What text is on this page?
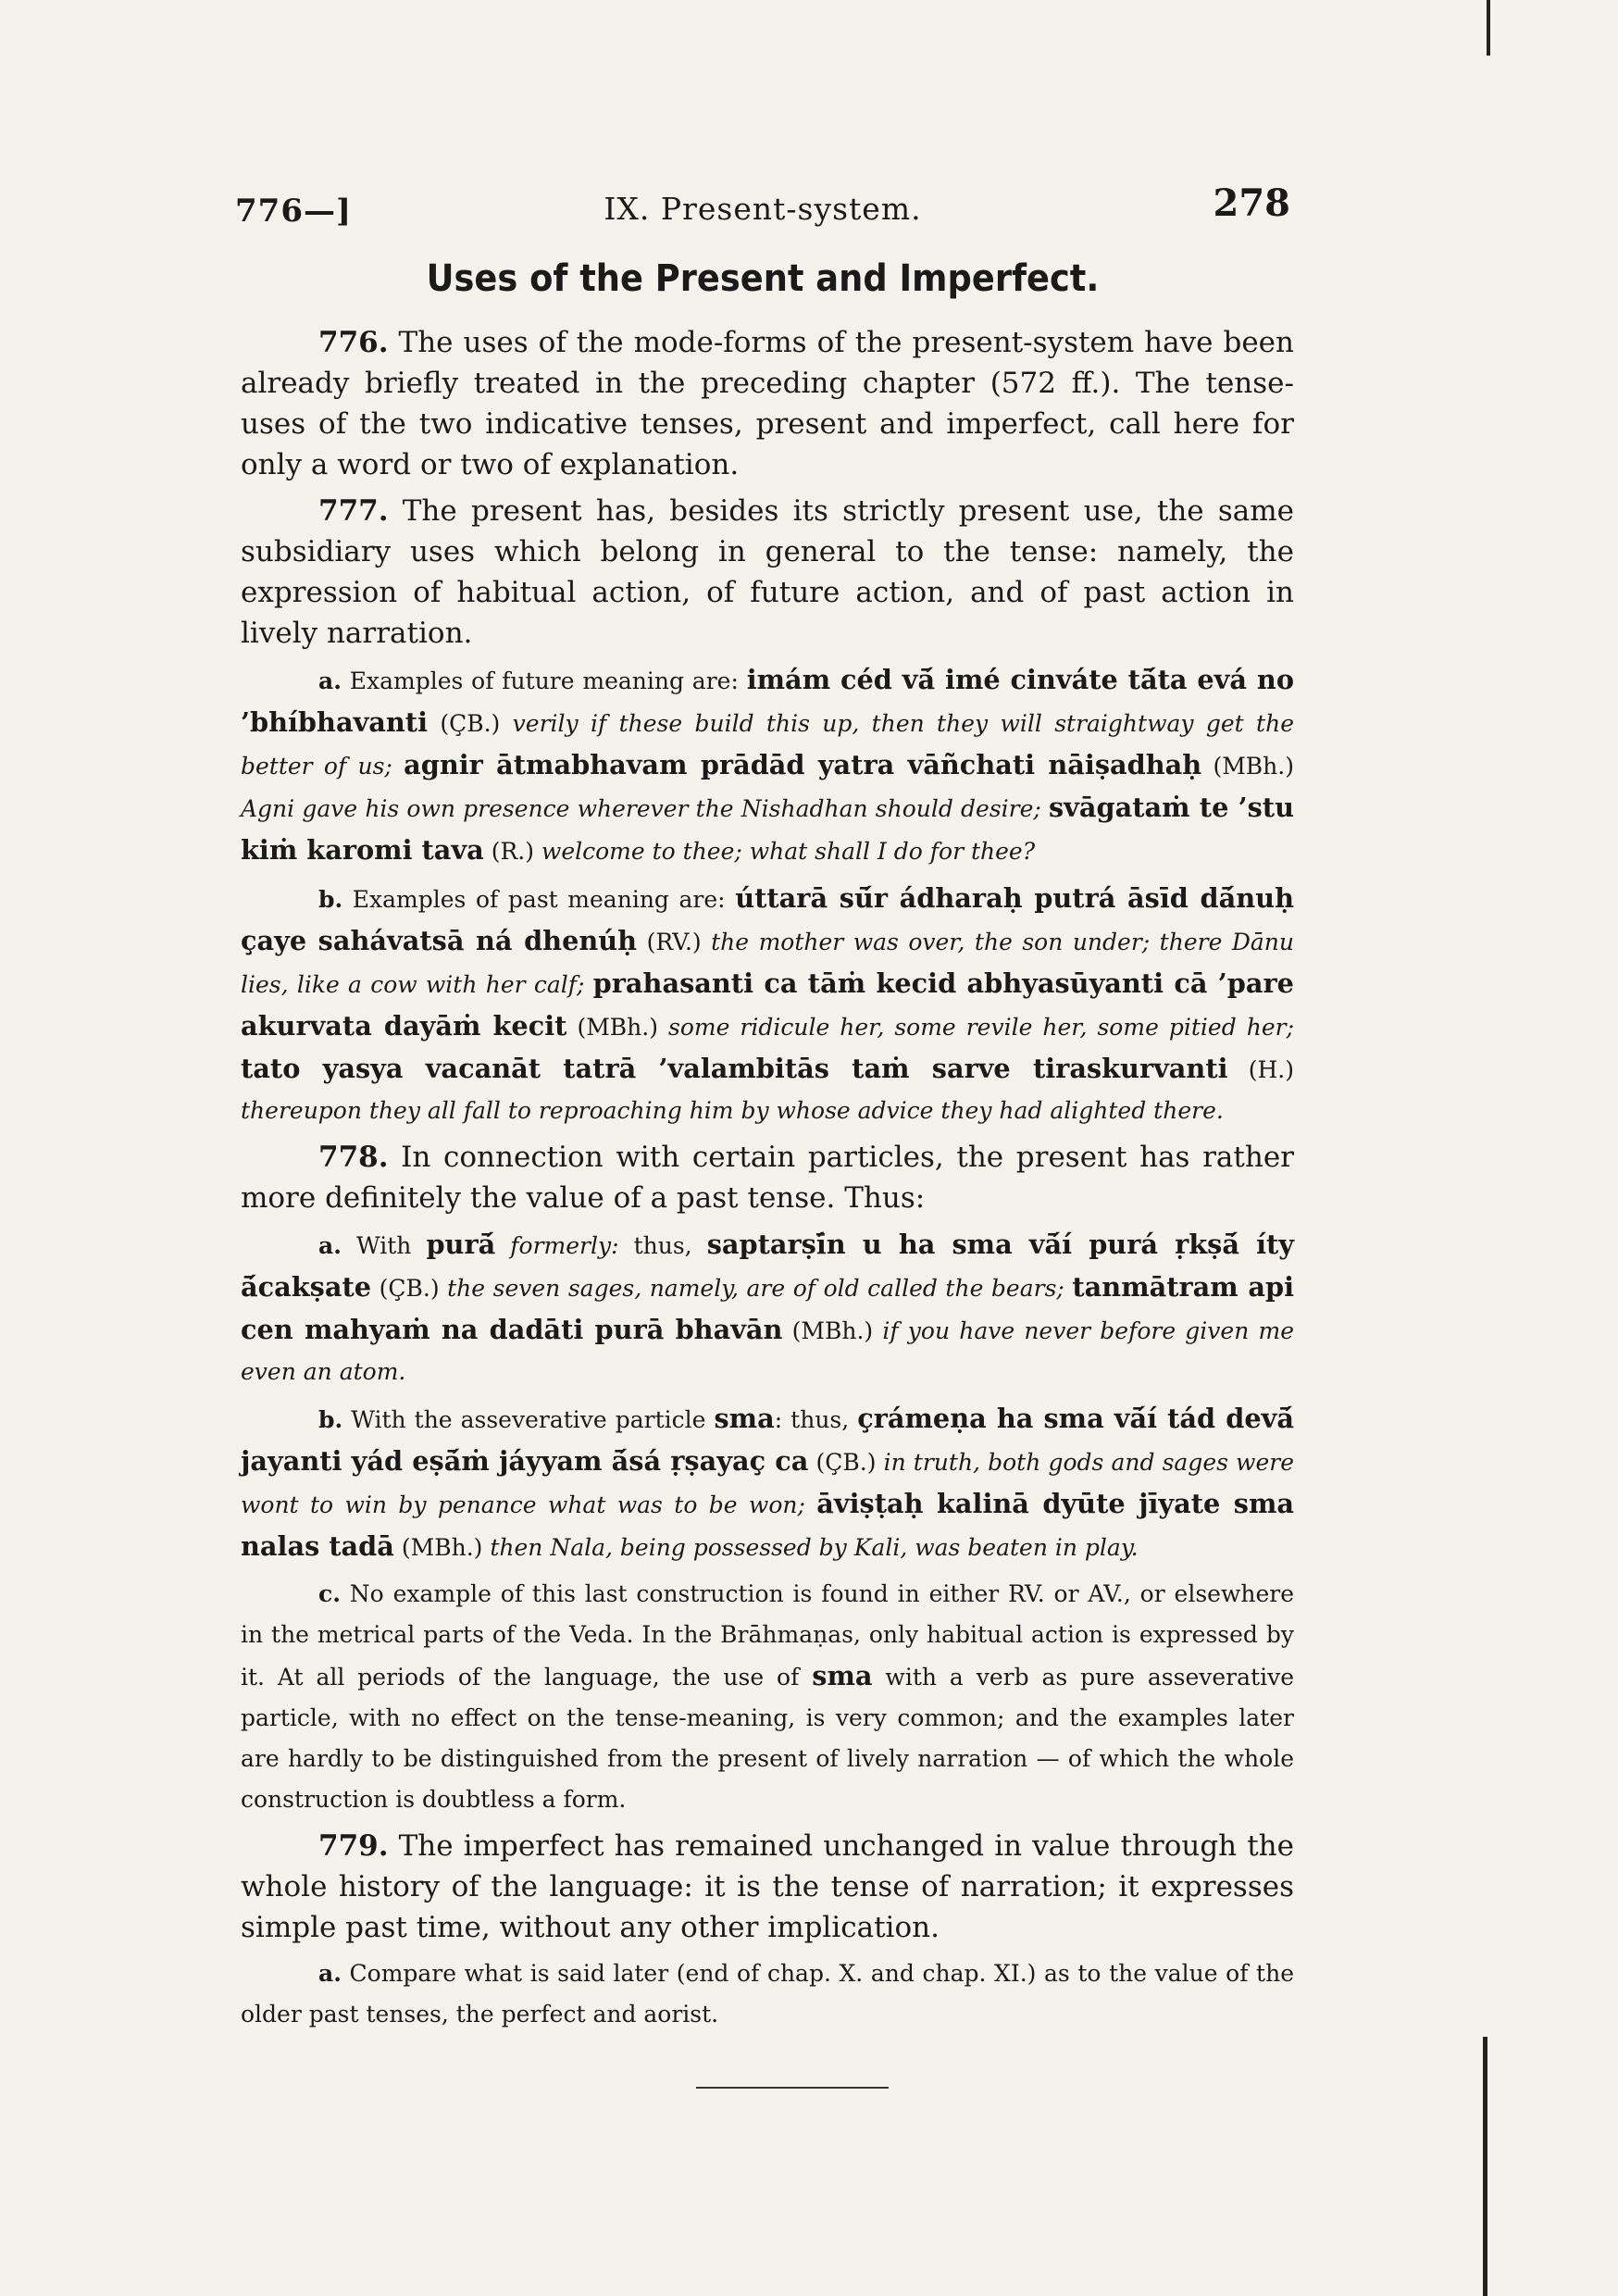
776—]	IX. Present-system.	278
Uses of the Present and Imperfect.

776. The uses of the mode-forms of the present-system have been already briefly treated in the preceding chapter (572 ff.). The tense-uses of the two indicative tenses, present and imperfect, call here for only a word or two of explanation.

777. The present has, besides its strictly present use, the same subsidiary uses which belong in general to the tense: namely, the expression of habitual action, of future action, and of past action in lively narration.

a. Examples of future meaning are: imám céd vā́ imé cinváte tā́ta evá no ’bhíbhavanti (ÇB.) verily if these build this up, then they will straightway get the better of us; agnir ātmabhavam prādād yatra vāñchati nāiṣadhaḥ (MBh.) Agni gave his own presence wherever the Nishadhan should desire; svāgataṁ te ’stu kiṁ karomi tava (R.) welcome to thee; what shall I do for thee?

b. Examples of past meaning are: úttarā sū́r ádharaḥ putrá āsīd dā́nuḥ çaye sahávatsā ná dhenúḥ (RV.) the mother was over, the son under; there Dānu lies, like a cow with her calf; prahasanti ca tāṁ kecid abhyasūyanti cā ’pare akurvata dayāṁ kecit (MBh.) some ridicule her, some revile her, some pitied her; tato yasya vacanāt tatrā ’valambitās taṁ sarve tiraskurvanti (H.) thereupon they all fall to reproaching him by whose advice they had alighted there.

778. In connection with certain particles, the present has rather more definitely the value of a past tense. Thus:

a. With purā́ formerly: thus, saptarṣī́n u ha sma vā́í purá ṛkṣā́ íty ā́cakṣate (ÇB.) the seven sages, namely, are of old called the bears; tanmātram api cen mahyaṁ na dadāti purā bhavān (MBh.) if you have never before given me even an atom.

b. With the asseverative particle sma: thus, çrámeṇa ha sma vā́í tád devā́ jayanti yád eṣā́ṁ jáyyam ā́sá ṛṣayaç ca (ÇB.) in truth, both gods and sages were wont to win by penance what was to be won; āviṣṭaḥ kalinā dyūte jīyate sma nalas tadā (MBh.) then Nala, being possessed by Kali, was beaten in play.

c. No example of this last construction is found in either RV. or AV., or elsewhere in the metrical parts of the Veda. In the Brāhmaṇas, only habitual action is expressed by it. At all periods of the language, the use of sma with a verb as pure asseverative particle, with no effect on the tense-meaning, is very common; and the examples later are hardly to be distinguished from the present of lively narration — of which the whole construction is doubtless a form.

779. The imperfect has remained unchanged in value through the whole history of the language: it is the tense of narration; it expresses simple past time, without any other implication.

a. Compare what is said later (end of chap. X. and chap. XI.) as to the value of the older past tenses, the perfect and aorist.
